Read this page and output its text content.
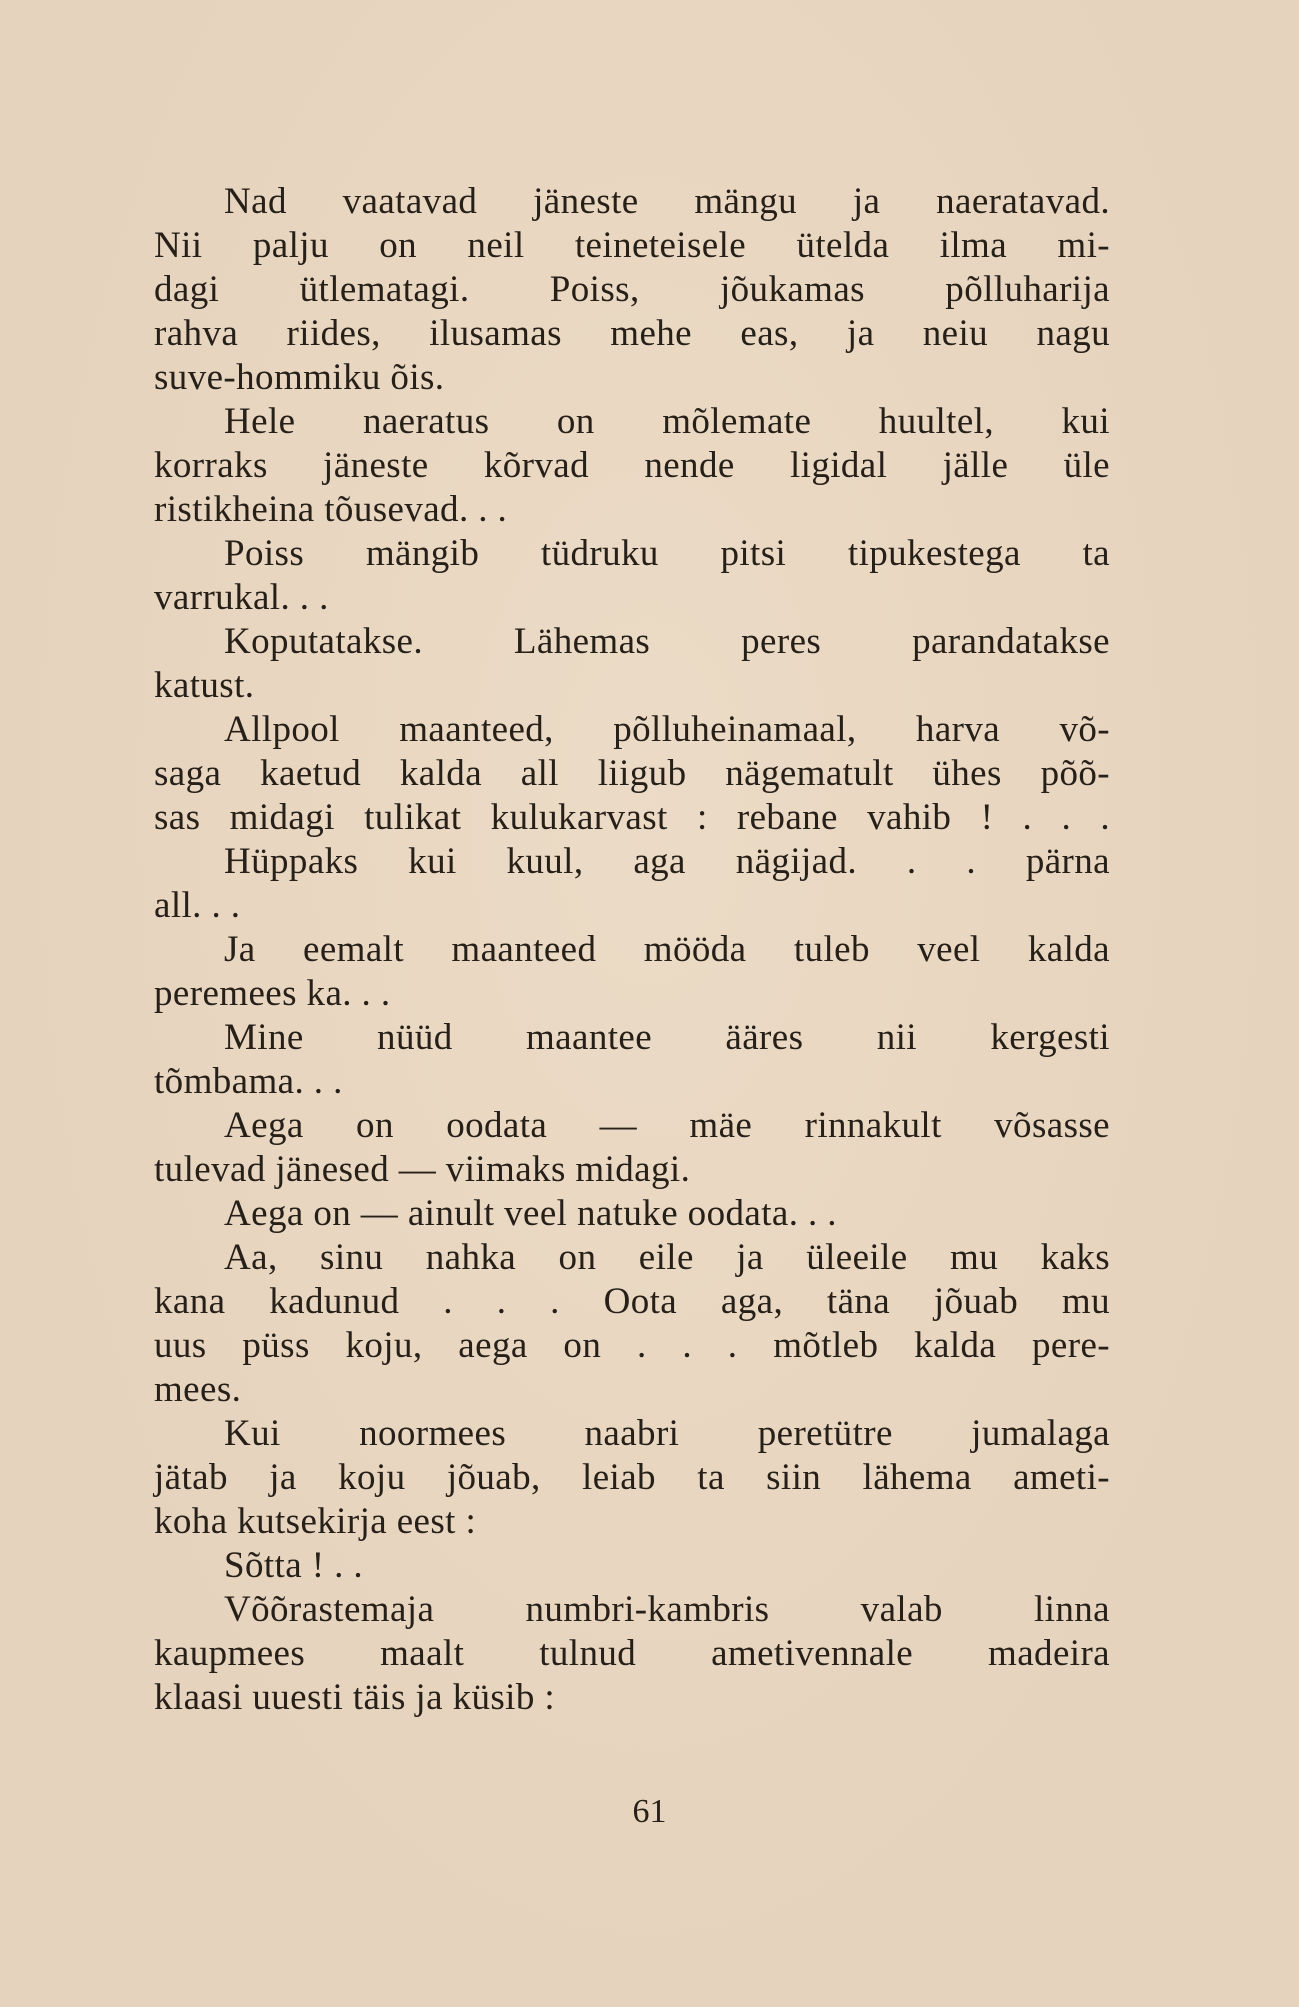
Nad vaatavad jäneste mängu ja naeratavad.
Nii palju on neil teineteisele ütelda ilma mi-
dagi ütlematagi. Poiss, jõukamas põlluharija
rahva riides, ilusamas mehe eas, ja neiu nagu
suve-hommiku õis.
Hele naeratus on mõlemate huultel, kui
korraks jäneste kõrvad nende ligidal jälle üle
ristikheina tõusevad. . .
Poiss mängib tüdruku pitsi tipukestega ta
varrukal. . .
Koputatakse. Lähemas peres parandatakse
katust.
Allpool maanteed, põlluheinamaal, harva võ-
saga kaetud kalda all liigub nägematult ühes põõ-
sas midagi tulikat kulukarvast : rebane vahib ! . . .
Hüppaks kui kuul, aga nägijad. . . pärna
all. . .
Ja eemalt maanteed mööda tuleb veel kalda
peremees ka. . .
Mine nüüd maantee ääres nii kergesti
tõmbama. . .
Aega on oodata — mäe rinnakult võsasse
tulevad jänesed — viimaks midagi.
Aega on — ainult veel natuke oodata. . .
Aa, sinu nahka on eile ja üleeile mu kaks
kana kadunud . . . Oota aga, täna jõuab mu
uus püss koju, aega on . . . mõtleb kalda pere-
mees.
Kui noormees naabri peretütre jumalaga
jätab ja koju jõuab, leiab ta siin lähema ameti-
koha kutsekirja eest :
Sõtta ! . .
Võõrastemaja numbri-kambris valab linna
kaupmees maalt tulnud ametivennale madeira
klaasi uuesti täis ja küsib :
61
